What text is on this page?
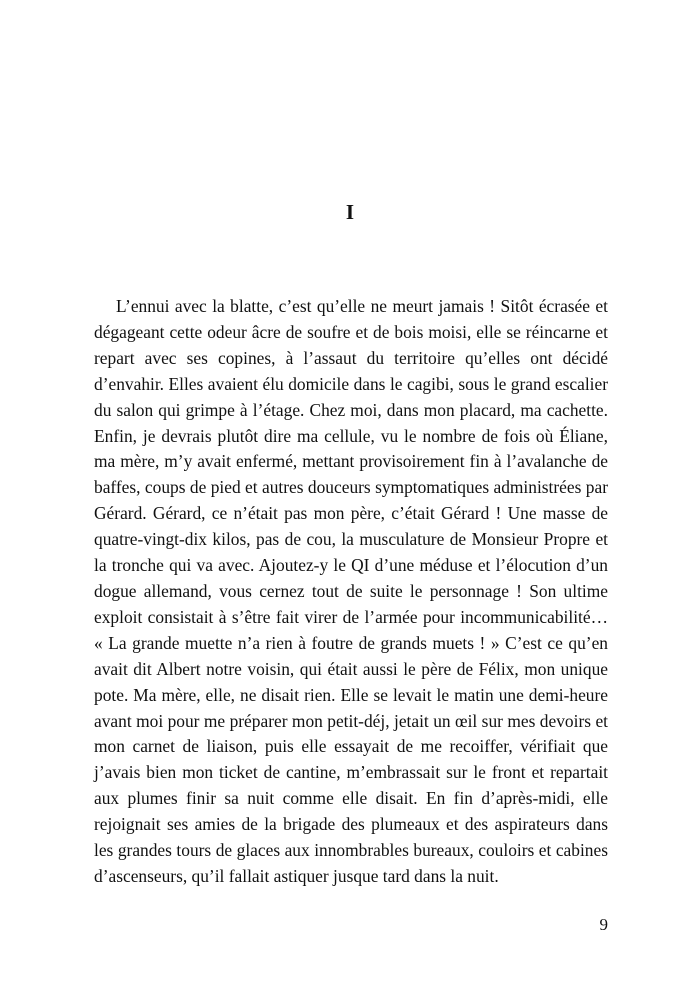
I

L’ennui avec la blatte, c’est qu’elle ne meurt jamais ! Sitôt écrasée et dégageant cette odeur âcre de soufre et de bois moisi, elle se réincarne et repart avec ses copines, à l’assaut du territoire qu’elles ont décidé d’envahir. Elles avaient élu domicile dans le cagibi, sous le grand escalier du salon qui grimpe à l’étage. Chez moi, dans mon placard, ma cachette. Enfin, je devrais plutôt dire ma cellule, vu le nombre de fois où Éliane, ma mère, m’y avait enfermé, mettant provisoirement fin à l’avalanche de baffes, coups de pied et autres douceurs symptomatiques administrées par Gérard. Gérard, ce n’était pas mon père, c’était Gérard ! Une masse de quatre-vingt-dix kilos, pas de cou, la musculature de Monsieur Propre et la tronche qui va avec. Ajoutez-y le QI d’une méduse et l’élocution d’un dogue allemand, vous cernez tout de suite le personnage ! Son ultime exploit consistait à s’être fait virer de l’armée pour incommunicabilité… « La grande muette n’a rien à foutre de grands muets ! » C’est ce qu’en avait dit Albert notre voisin, qui était aussi le père de Félix, mon unique pote. Ma mère, elle, ne disait rien. Elle se levait le matin une demi-heure avant moi pour me préparer mon petit-déj, jetait un œil sur mes devoirs et mon carnet de liaison, puis elle essayait de me recoiffer, vérifiait que j’avais bien mon ticket de cantine, m’embrassait sur le front et repartait aux plumes finir sa nuit comme elle disait. En fin d’après-midi, elle rejoignait ses amies de la brigade des plumeaux et des aspirateurs dans les grandes tours de glaces aux innombrables bureaux, couloirs et cabines d’ascenseurs, qu’il fallait astiquer jusque tard dans la nuit.

9
